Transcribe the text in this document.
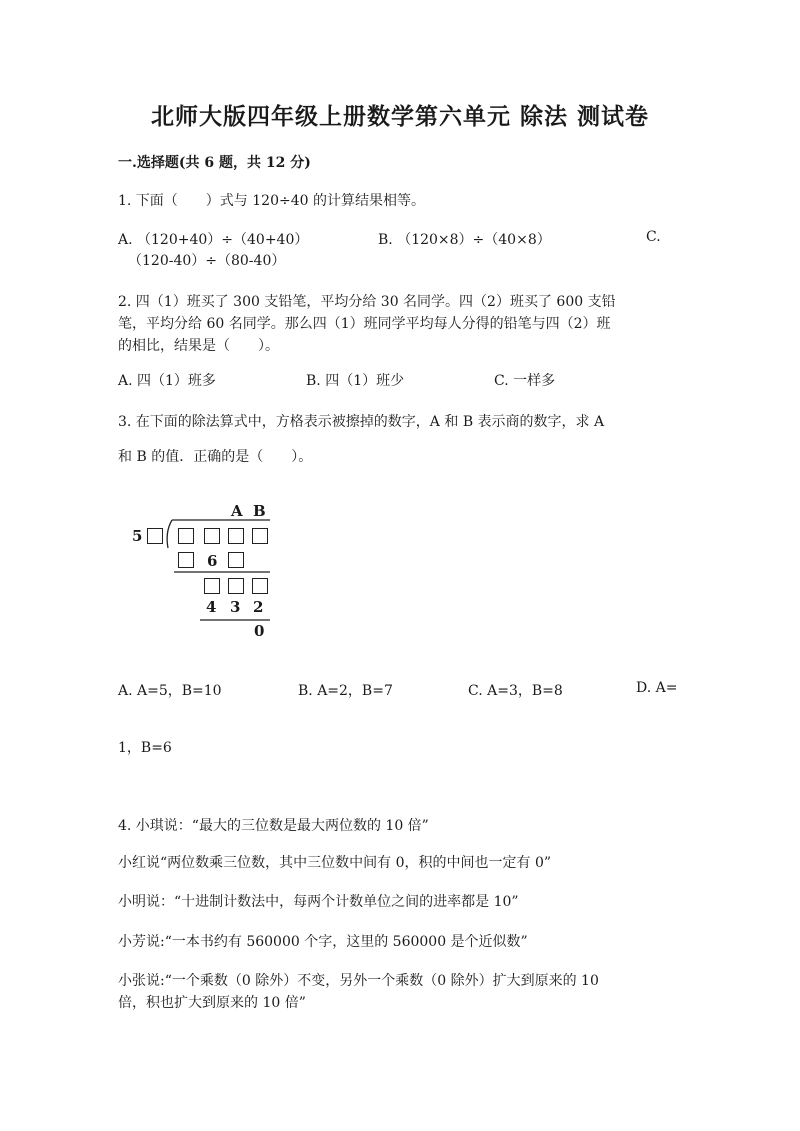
北师大版四年级上册数学第六单元 除法 测试卷
一.选择题(共 6 题，共 12 分)
1. 下面（　　）式与 120÷40 的计算结果相等。
A. （120+40）÷（40+40）	B. （120×8）÷（40×8）	C.
（120-40）÷（80-40）
2. 四（1）班买了 300 支铅笔，平均分给 30 名同学。四（2）班买了 600 支铅
笔，平均分给 60 名同学。那么四（1）班同学平均每人分得的铅笔与四（2）班
的相比，结果是（　　）。
A. 四（1）班多	B. 四（1）班少	C. 一样多
3. 在下面的除法算式中，方格表示被擦掉的数字，A 和 B 表示商的数字，求 A
和 B 的值．正确的是（　　）。
A B
5
6
4 3 2
0
A. A=5，B=10	B. A=2，B=7	C. A=3，B=8	D. A=
1，B=6
4. 小琪说：“最大的三位数是最大两位数的 10 倍”
小红说“两位数乘三位数，其中三位数中间有 0，积的中间也一定有 0”
小明说：“十进制计数法中，每两个计数单位之间的进率都是 10”
小芳说:“一本书约有 560000 个字，这里的 560000 是个近似数”
小张说:“一个乘数（0 除外）不变，另外一个乘数（0 除外）扩大到原来的 10
倍，积也扩大到原来的 10 倍”
